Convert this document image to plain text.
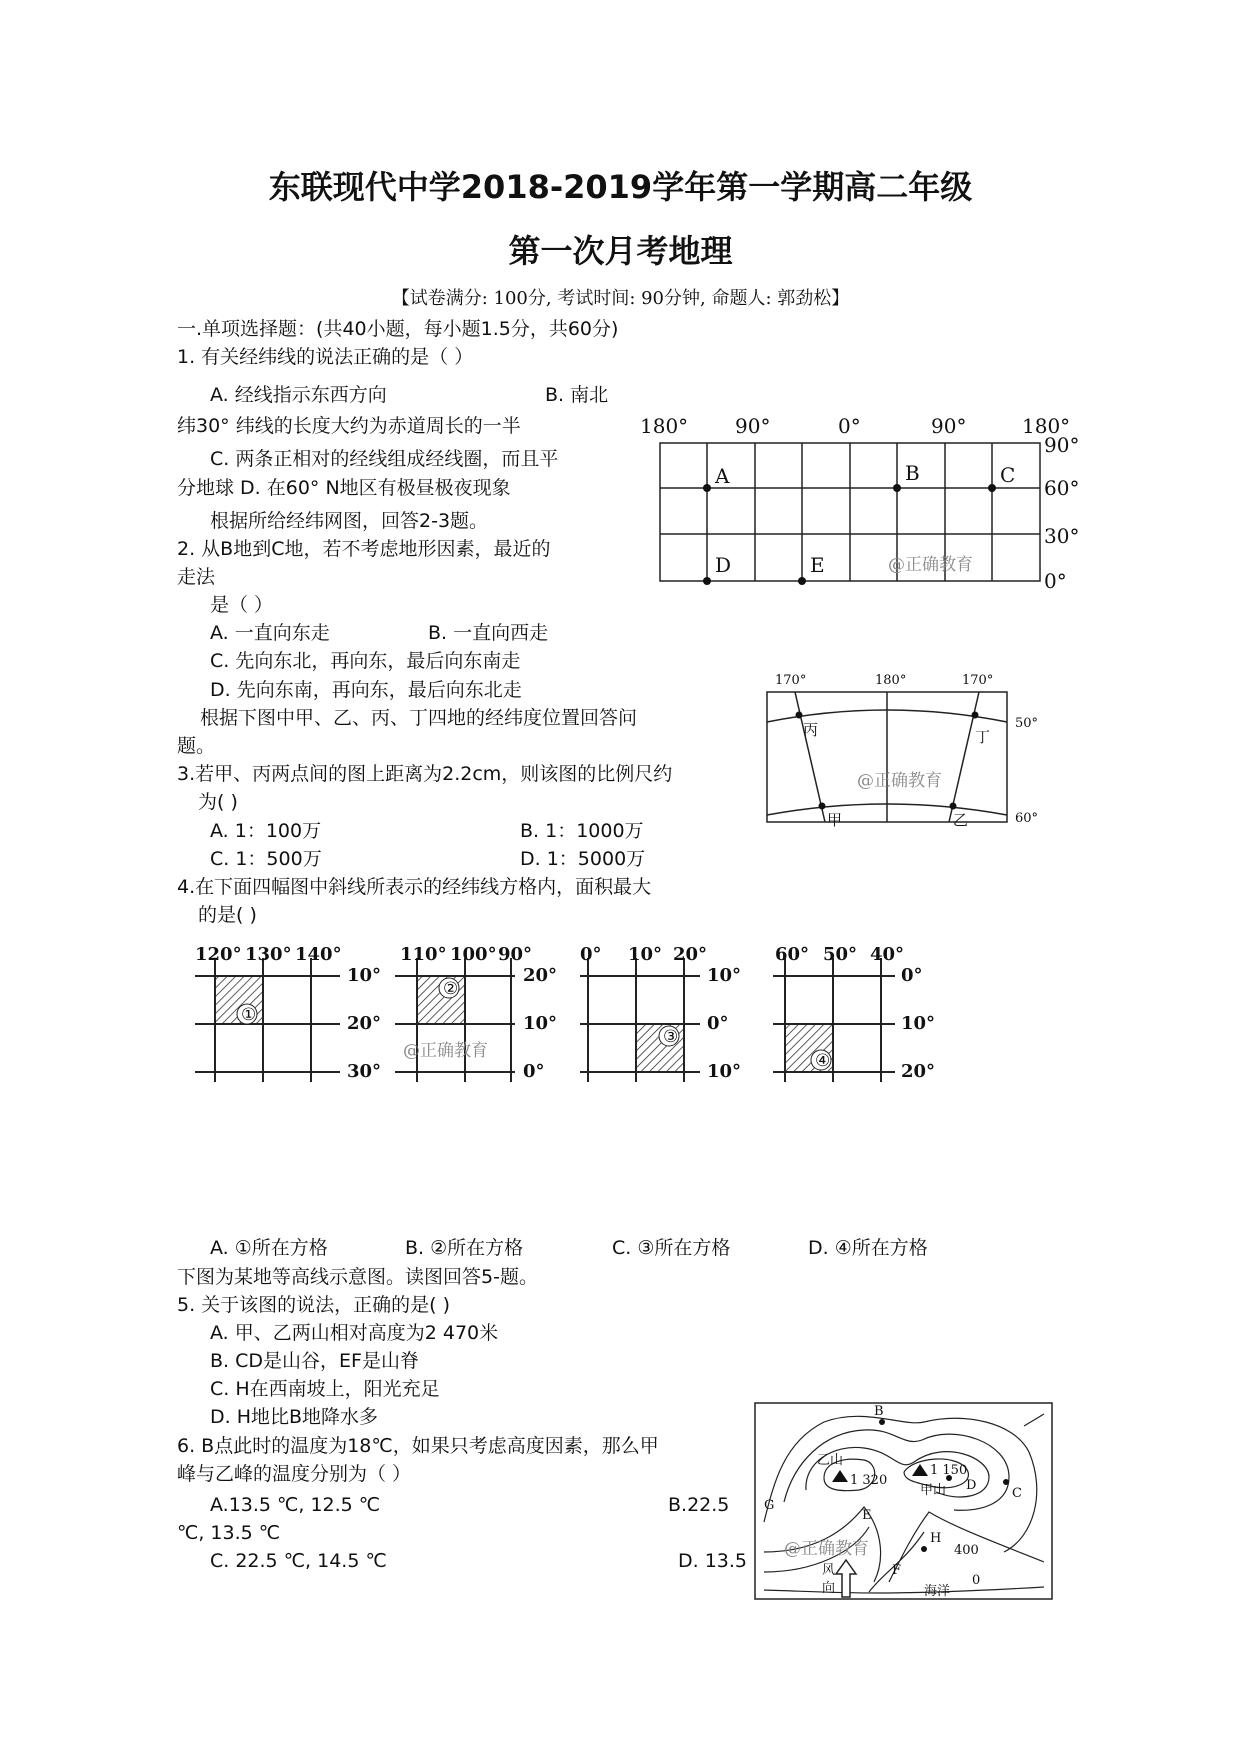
东联现代中学2018-2019学年第一学期高二年级
第一次月考地理
【试卷满分: 100分, 考试时间: 90分钟, 命题人: 郭劲松】
一.单项选择题：(共40小题，每小题1.5分，共60分)
1. 有关经纬线的说法正确的是（ ）
A. 经线指示东西方向	B. 南北
纬30° 纬线的长度大约为赤道周长的一半
C. 两条正相对的经线组成经线圈，而且平
分地球 D. 在60° N地区有极昼极夜现象
根据所给经纬网图，回答2-3题。
2. 从B地到C地，若不考虑地形因素，最近的
走法
是（ ）
A. 一直向东走	B. 一直向西走
C. 先向东北，再向东，最后向东南走
D. 先向东南，再向东，最后向东北走
根据下图中甲、乙、丙、丁四地的经纬度位置回答问
题。
3.若甲、丙两点间的图上距离为2.2cm，则该图的比例尺约
为( )
A. 1：100万	B. 1：1000万
C. 1：500万	D. 1：5000万
4.在下面四幅图中斜线所表示的经纬线方格内，面积最大
的是( )
A. ①所在方格	B. ②所在方格	C. ③所在方格	D. ④所在方格
下图为某地等高线示意图。读图回答5-题。
5. 关于该图的说法，正确的是( )
A. 甲、乙两山相对高度为2 470米
B. CD是山谷，EF是山脊
C. H在西南坡上，阳光充足
D. H地比B地降水多
6. B点此时的温度为18℃，如果只考虑高度因素，那么甲
峰与乙峰的温度分别为（ ）
A.13.5 ℃, 12.5 ℃	B.22.5
℃, 13.5 ℃
C. 22.5 ℃, 14.5 ℃	D. 13.5
180° 90°	0°	90°	180°
90°
60°
30°
0°
A	B	C
D	E	@正确教育
170°	180°	170°
50°
60°
丙	丁
甲	乙
@正确教育
120° 130° 140°
10°
20°
30°
110° 100° 90°
20°
10°
0°
0° 10° 20°
10°
0°
10°
60° 50° 40°
0°
10°
20°
①
②
③
④
@正确教育
乙山
1 320
1 150
甲山
B
G
D
C
E
H
F
400
0
海洋
风
向
@正确教育
